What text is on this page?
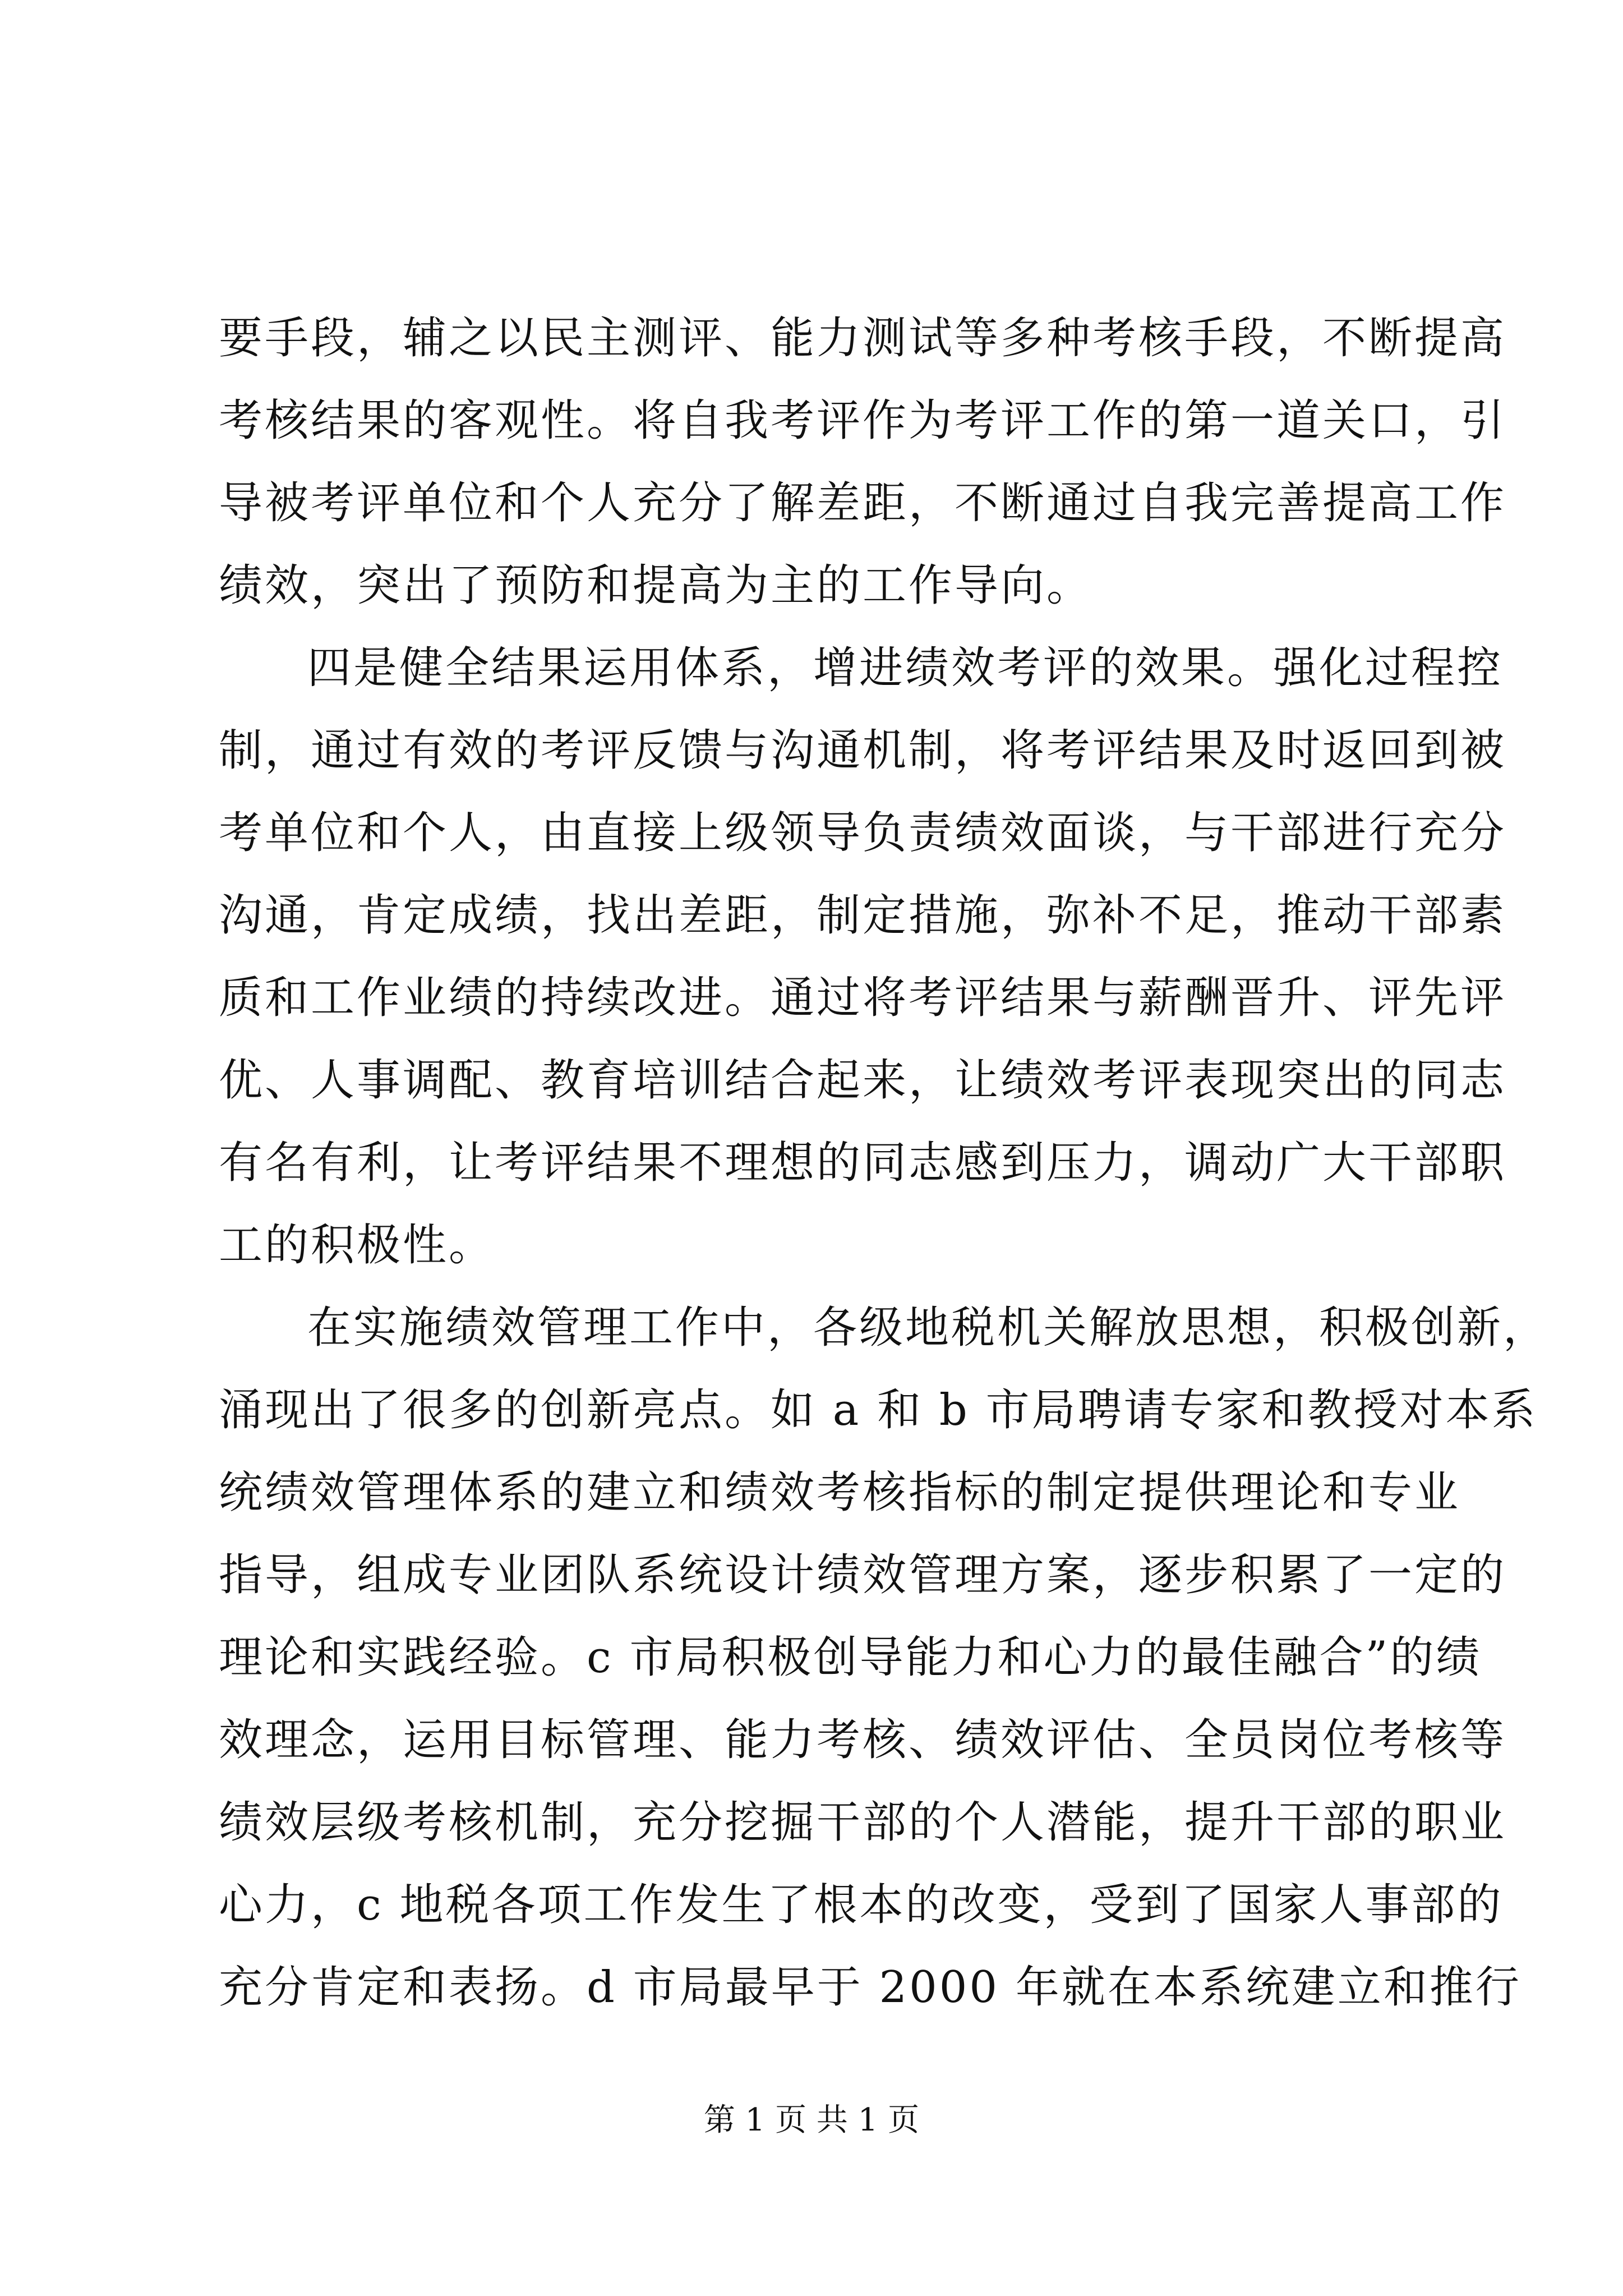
要手段，辅之以民主测评、能力测试等多种考核手段，不断提高
考核结果的客观性。将自我考评作为考评工作的第一道关口，引
导被考评单位和个人充分了解差距，不断通过自我完善提高工作
绩效，突出了预防和提高为主的工作导向。
四是健全结果运用体系，增进绩效考评的效果。强化过程控
制，通过有效的考评反馈与沟通机制，将考评结果及时返回到被
考单位和个人，由直接上级领导负责绩效面谈，与干部进行充分
沟通，肯定成绩，找出差距，制定措施，弥补不足，推动干部素
质和工作业绩的持续改进。通过将考评结果与薪酬晋升、评先评
优、人事调配、教育培训结合起来，让绩效考评表现突出的同志
有名有利，让考评结果不理想的同志感到压力，调动广大干部职
工的积极性。
在实施绩效管理工作中，各级地税机关解放思想，积极创新，
涌现出了很多的创新亮点。如 a 和 b 市局聘请专家和教授对本系
统绩效管理体系的建立和绩效考核指标的制定提供理论和专业
指导，组成专业团队系统设计绩效管理方案，逐步积累了一定的
理论和实践经验。c 市局积极创导能力和心力的最佳融合”的绩
效理念，运用目标管理、能力考核、绩效评估、全员岗位考核等
绩效层级考核机制，充分挖掘干部的个人潜能，提升干部的职业
心力，c 地税各项工作发生了根本的改变，受到了国家人事部的
充分肯定和表扬。d 市局最早于 2000 年就在本系统建立和推行
第 1 页 共 1 页
